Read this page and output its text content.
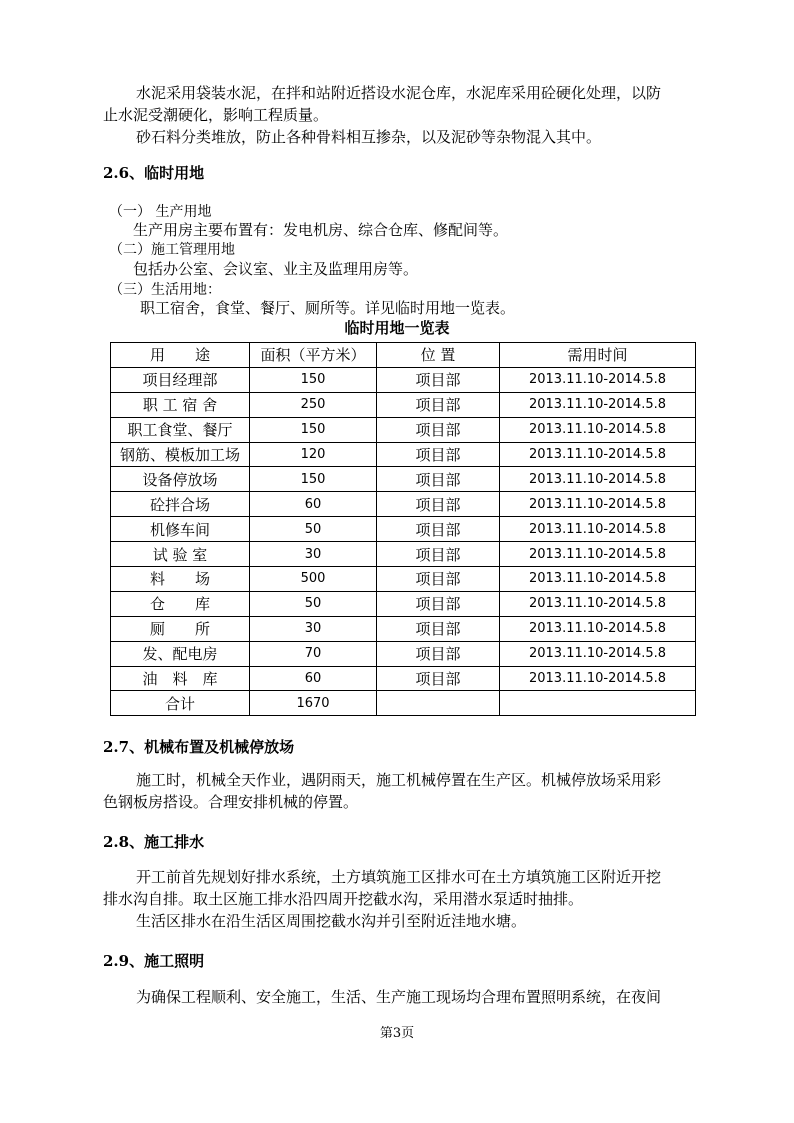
水泥采用袋装水泥，在拌和站附近搭设水泥仓库，水泥库采用砼硬化处理，以防
止水泥受潮硬化，影响工程质量。
砂石料分类堆放，防止各种骨料相互掺杂，以及泥砂等杂物混入其中。
2.6、临时用地
（一） 生产用地
生产用房主要布置有：发电机房、综合仓库、修配间等。
（二）施工管理用地
包括办公室、会议室、业主及监理用房等。
（三）生活用地：
职工宿舍，食堂、餐厅、厕所等。详见临时用地一览表。
临时用地一览表
用　　途	面积（平方米）	位 置	需用时间
项目经理部	150	项目部	2013.11.10-2014.5.8
职 工 宿 舍	250	项目部	2013.11.10-2014.5.8
职工食堂、餐厅	150	项目部	2013.11.10-2014.5.8
钢筋、模板加工场	120	项目部	2013.11.10-2014.5.8
设备停放场	150	项目部	2013.11.10-2014.5.8
砼拌合场	60	项目部	2013.11.10-2014.5.8
机修车间	50	项目部	2013.11.10-2014.5.8
试 验 室	30	项目部	2013.11.10-2014.5.8
料　　场	500	项目部	2013.11.10-2014.5.8
仓　　库	50	项目部	2013.11.10-2014.5.8
厕　　所	30	项目部	2013.11.10-2014.5.8
发、配电房	70	项目部	2013.11.10-2014.5.8
油　料　库	60	项目部	2013.11.10-2014.5.8
合计	1670		
2.7、机械布置及机械停放场
施工时，机械全天作业，遇阴雨天，施工机械停置在生产区。机械停放场采用彩
色钢板房搭设。合理安排机械的停置。
2.8、施工排水
开工前首先规划好排水系统，土方填筑施工区排水可在土方填筑施工区附近开挖
排水沟自排。取土区施工排水沿四周开挖截水沟，采用潜水泵适时抽排。
生活区排水在沿生活区周围挖截水沟并引至附近洼地水塘。
2.9、施工照明
为确保工程顺利、安全施工，生活、生产施工现场均合理布置照明系统，在夜间
第3页
